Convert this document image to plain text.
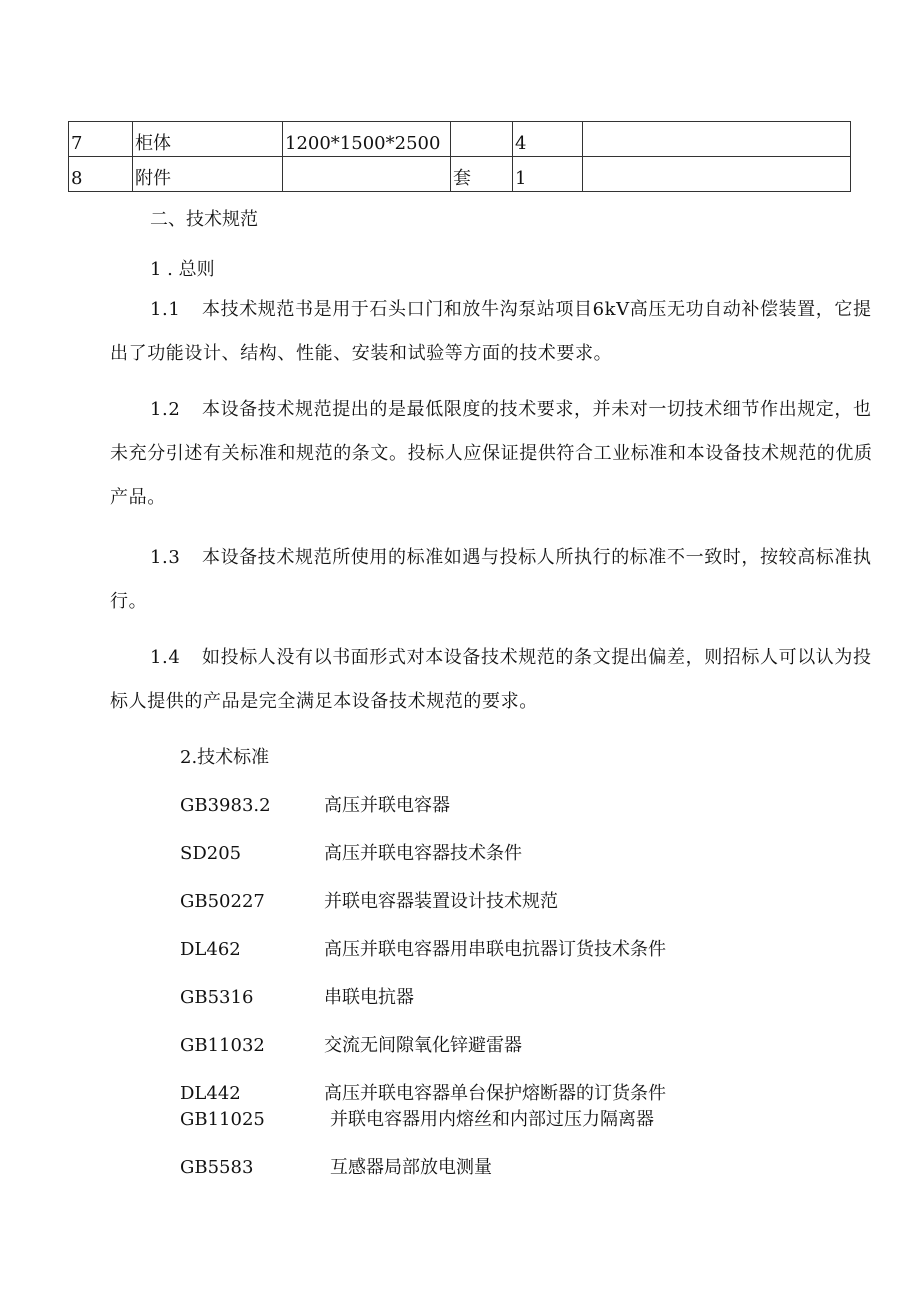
7	柜体	1200*1500*2500		4	
8	附件		套	1	
二、技术规范
1 . 总则
1.1 本技术规范书是用于石头口门和放牛沟泵站项目6kV高压无功自动补偿装置，它提出了功能设计、结构、性能、安装和试验等方面的技术要求。
1.2 本设备技术规范提出的是最低限度的技术要求，并未对一切技术细节作出规定，也未充分引述有关标准和规范的条文。投标人应保证提供符合工业标准和本设备技术规范的优质产品。
1.3 本设备技术规范所使用的标准如遇与投标人所执行的标准不一致时，按较高标准执行。
1.4 如投标人没有以书面形式对本设备技术规范的条文提出偏差，则招标人可以认为投标人提供的产品是完全满足本设备技术规范的要求。
2.技术标准
GB3983.2	高压并联电容器
SD205	高压并联电容器技术条件
GB50227	并联电容器装置设计技术规范
DL462	高压并联电容器用串联电抗器订货技术条件
GB5316	串联电抗器
GB11032	交流无间隙氧化锌避雷器
DL442	高压并联电容器单台保护熔断器的订货条件
GB11025	并联电容器用内熔丝和内部过压力隔离器
GB5583	互感器局部放电测量
